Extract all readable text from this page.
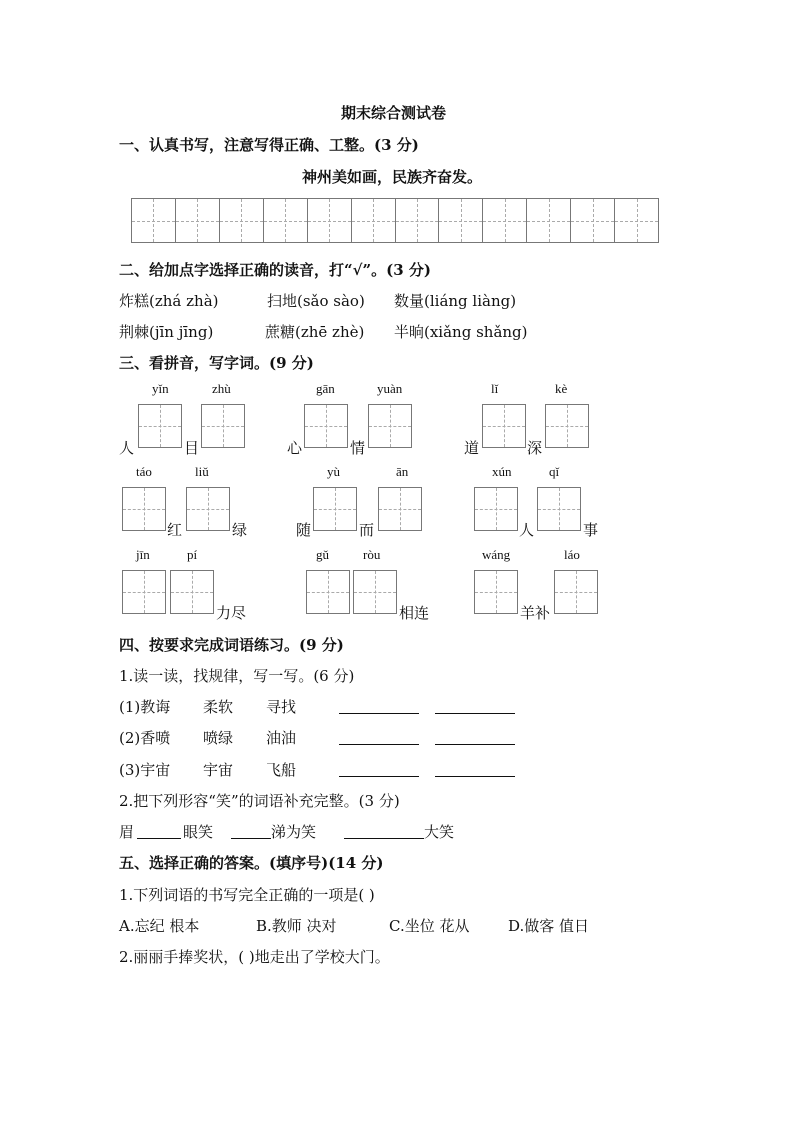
期末综合测试卷
一、认真书写，注意写得正确、工整。(3 分)
神州美如画，民族齐奋发。
二、给加点字选择正确的读音，打“√”。(3 分)
炸糕(zhá zhà)	扫地(sǎo sào) 数量(liáng liàng)
荆棘(jīn jīng)	蔗糖(zhē zhè) 半晌(xiǎng shǎng)
三、看拼音，写字词。(9 分)
yǐn	zhù	gān	yuàn	lǐ	kè
人	目	心	情	道	深
táo	liǔ	yù	ān	xún	qǐ
红	绿	随	而	人	事
jīn	pí	gǔ	ròu	wáng	láo
力尽	相连	羊补
四、按要求完成词语练习。(9 分)
1.读一读，找规律，写一写。(6 分)
(1)教诲 柔软 寻找
(2)香喷 喷绿 油油
(3)宇宙 宇宙 飞船
2.把下列形容“笑”的词语补充完整。(3 分)
眉	眼笑	涕为笑	大笑
五、选择正确的答案。(填序号)(14 分)
1.下列词语的书写完全正确的一项是( )
A.忘纪 根本	B.教师 决对	C.坐位 花从	D.做客 值日
2.丽丽手捧奖状，( )地走出了学校大门。
